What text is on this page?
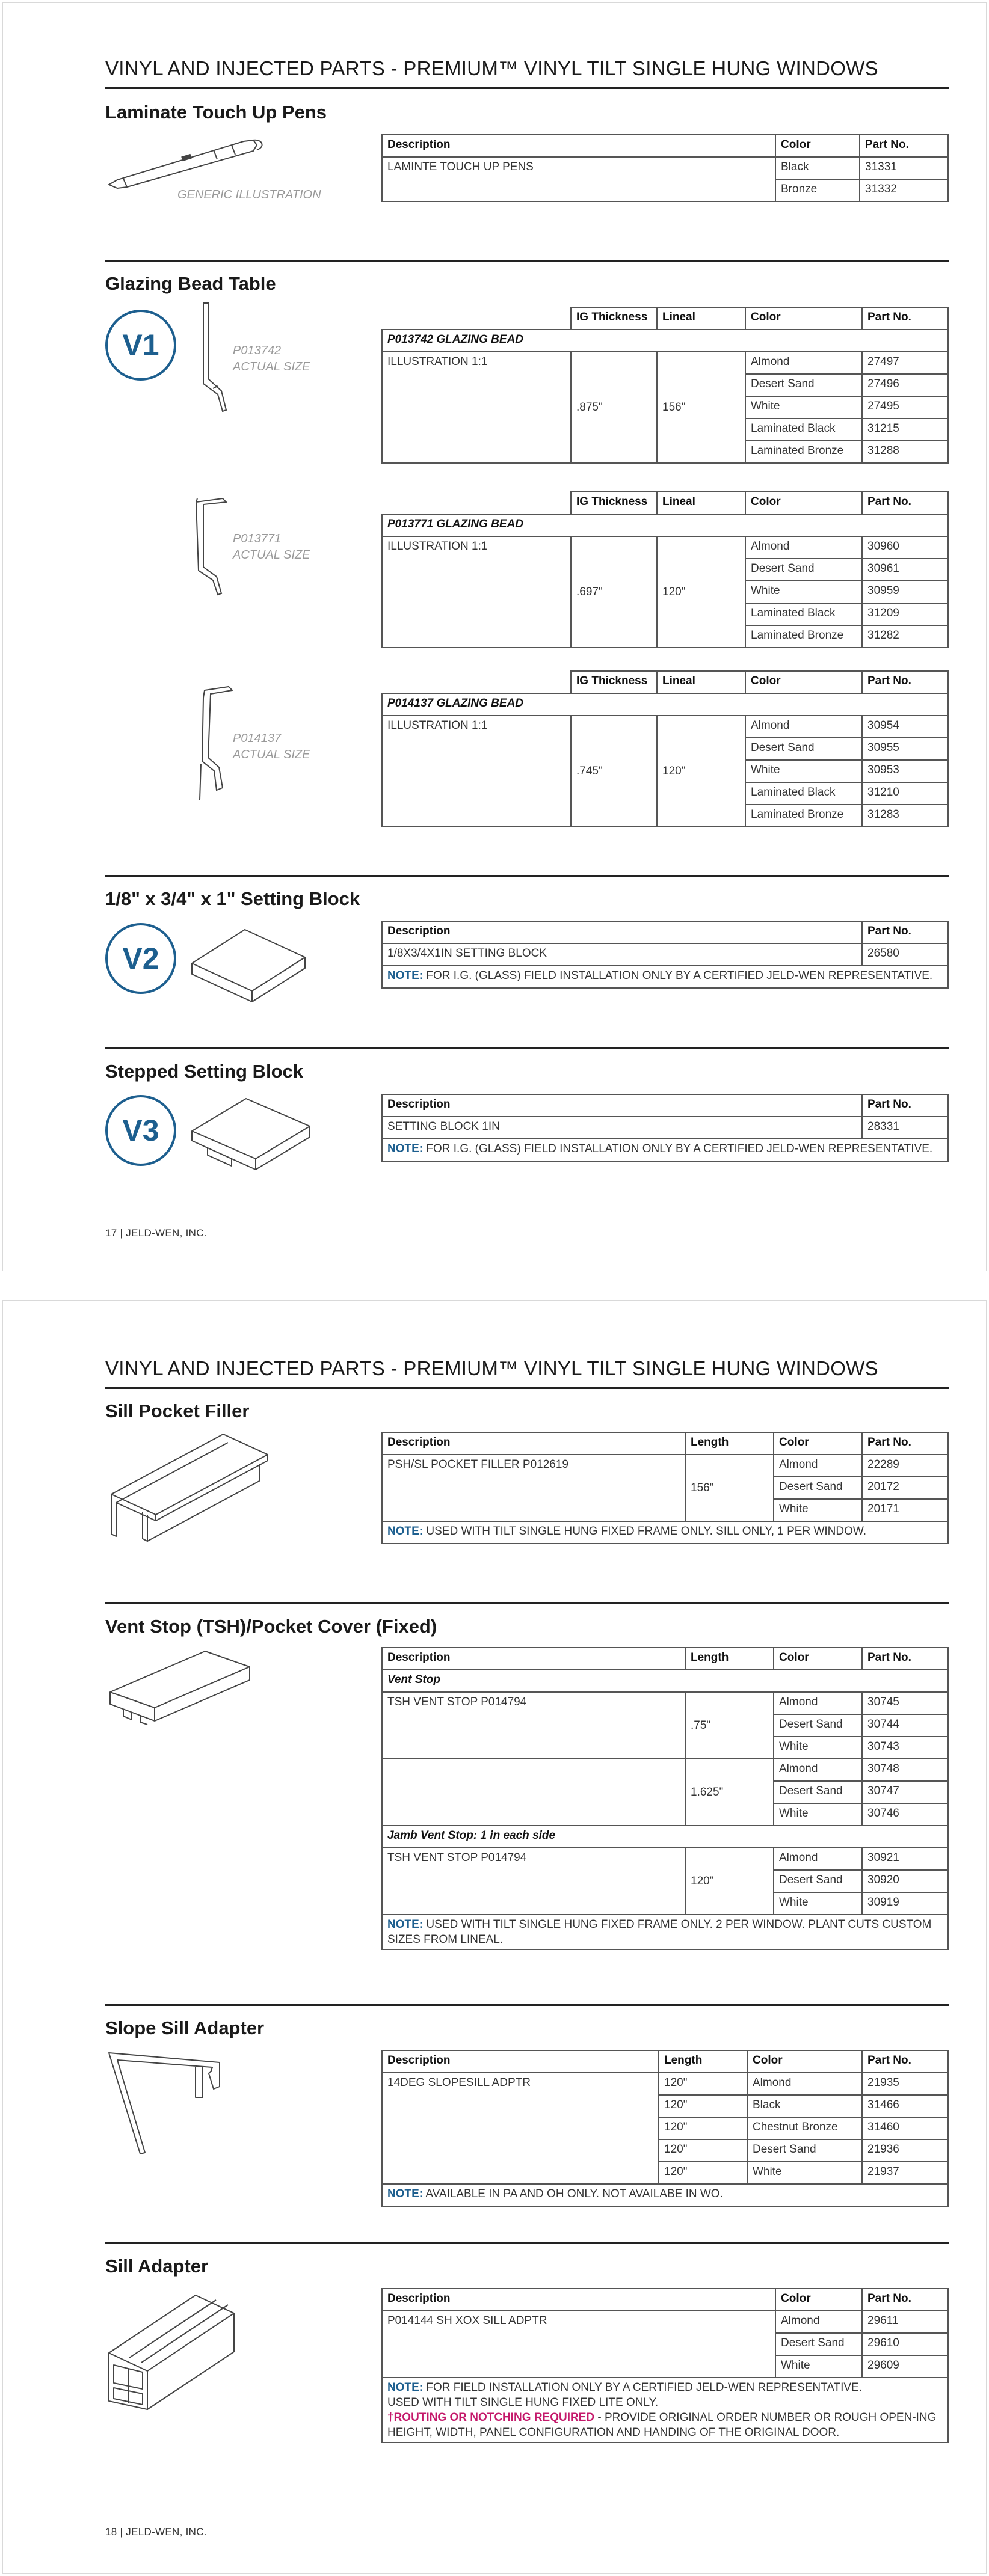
VINYL AND INJECTED PARTS - PREMIUM™ VINYL TILT SINGLE HUNG WINDOWS
Laminate Touch Up Pens
GENERIC ILLUSTRATION
Description	Color	Part No.
LAMINTE TOUCH UP PENS	Black	31331
	Bronze	31332
Glazing Bead Table
V1	P013742
ACTUAL SIZE
P013771
ACTUAL SIZE
P014137
ACTUAL SIZE
	IG Thickness	Lineal	Color	Part No.
P013742 GLAZING BEAD				
ILLUSTRATION 1:1	.875"	156"	Almond	27497
			Desert Sand	27496
			White	27495
			Laminated Black	31215
			Laminated Bronze	31288
	IG Thickness	Lineal	Color	Part No.
P013771 GLAZING BEAD				
ILLUSTRATION 1:1	.697"	120"	Almond	30960
			Desert Sand	30961
			White	30959
			Laminated Black	31209
			Laminated Bronze	31282
	IG Thickness	Lineal	Color	Part No.
P014137 GLAZING BEAD				
ILLUSTRATION 1:1	.745"	120"	Almond	30954
			Desert Sand	30955
			White	30953
			Laminated Black	31210
			Laminated Bronze	31283
1/8" x 3/4" x 1" Setting Block
V2
Description	Part No.
1/8X3/4X1IN SETTING BLOCK	26580
NOTE: FOR I.G. (GLASS) FIELD INSTALLATION ONLY BY A CERTIFIED JELD-WEN REPRESENTATIVE.	
Stepped Setting Block
V3
Description	Part No.
SETTING BLOCK 1IN	28331
NOTE: FOR I.G. (GLASS) FIELD INSTALLATION ONLY BY A CERTIFIED JELD-WEN REPRESENTATIVE.	
17 | JELD-WEN, INC.
VINYL AND INJECTED PARTS - PREMIUM™ VINYL TILT SINGLE HUNG WINDOWS
Sill Pocket Filler
Description	Length	Color	Part No.
PSH/SL POCKET FILLER P012619	156"	Almond	22289
		Desert Sand	20172
		White	20171
NOTE: USED WITH TILT SINGLE HUNG FIXED FRAME ONLY. SILL ONLY, 1 PER WINDOW.			
Vent Stop (TSH)/Pocket Cover (Fixed)
Description	Length	Color	Part No.
Vent Stop			
TSH VENT STOP P014794	.75"	Almond	30745
		Desert Sand	30744
		White	30743
	1.625"	Almond	30748
		Desert Sand	30747
		White	30746
Jamb Vent Stop: 1 in each side			
TSH VENT STOP P014794	120"	Almond	30921
		Desert Sand	30920
		White	30919
NOTE: USED WITH TILT SINGLE HUNG FIXED FRAME ONLY. 2 PER WINDOW. PLANT CUTS CUSTOM SIZES FROM LINEAL.			
Slope Sill Adapter
Description	Length	Color	Part No.
14DEG SLOPESILL ADPTR	120"	Almond	21935
	120"	Black	31466
	120"	Chestnut Bronze	31460
	120"	Desert Sand	21936
	120"	White	21937
NOTE: AVAILABLE IN PA AND OH ONLY. NOT AVAILABE IN WO.			
Sill Adapter
Description	Color	Part No.
P014144 SH XOX SILL ADPTR	Almond	29611
	Desert Sand	29610
	White	29609
NOTE: FOR FIELD INSTALLATION ONLY BY A CERTIFIED JELD-WEN REPRESENTATIVE.
USED WITH TILT SINGLE HUNG FIXED LITE ONLY.
†ROUTING OR NOTCHING REQUIRED - PROVIDE ORIGINAL ORDER NUMBER OR ROUGH OPEN-ING HEIGHT, WIDTH, PANEL CONFIGURATION AND HANDING OF THE ORIGINAL DOOR.		
18 | JELD-WEN, INC.
